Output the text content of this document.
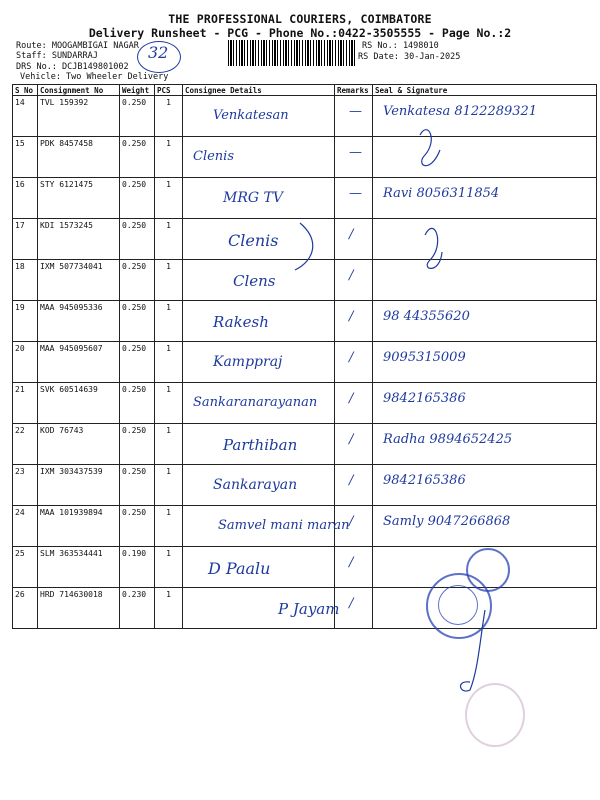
THE PROFESSIONAL COURIERS, COIMBATORE
Delivery Runsheet - PCG - Phone No.:0422-3505555 - Page No.:2
Route: MOOGAMBIGAI NAGAR
Staff: SUNDARRAJ
DRS No.: DCJB149801002
Vehicle: Two Wheeler Delivery
RS No.: 1498010
RS Date: 30-Jan-2025
32
S No	Consignment No	Weight	PCS	Consignee Details	Remarks	Seal & Signature
14	TVL 159392	0.250	1	Venkatesan	—	Venkatesa 8122289321

15	PDK 8457458	0.250	1	Clenis	—	

16	STY 6121475	0.250	1	MRG TV	—	Ravi 8056311854

17	KDI 1573245	0.250	1	Clenis	/	

18	IXM 507734041	0.250	1	Clens	/	

19	MAA 945095336	0.250	1	Rakesh	/	98 44355620

20	MAA 945095607	0.250	1	Kamppraj	/	9095315009

21	SVK 60514639	0.250	1	Sankaranarayanan	/	9842165386

22	KOD 76743	0.250	1	Parthiban	/	Radha 9894652425

23	IXM 303437539	0.250	1	Sankarayan	/	9842165386

24	MAA 101939894	0.250	1	Samvel mani maran	/	Samly 9047266868

25	SLM 363534441	0.190	1	D Paalu	/	

26	HRD 714630018	0.230	1	P Jayam	/	
